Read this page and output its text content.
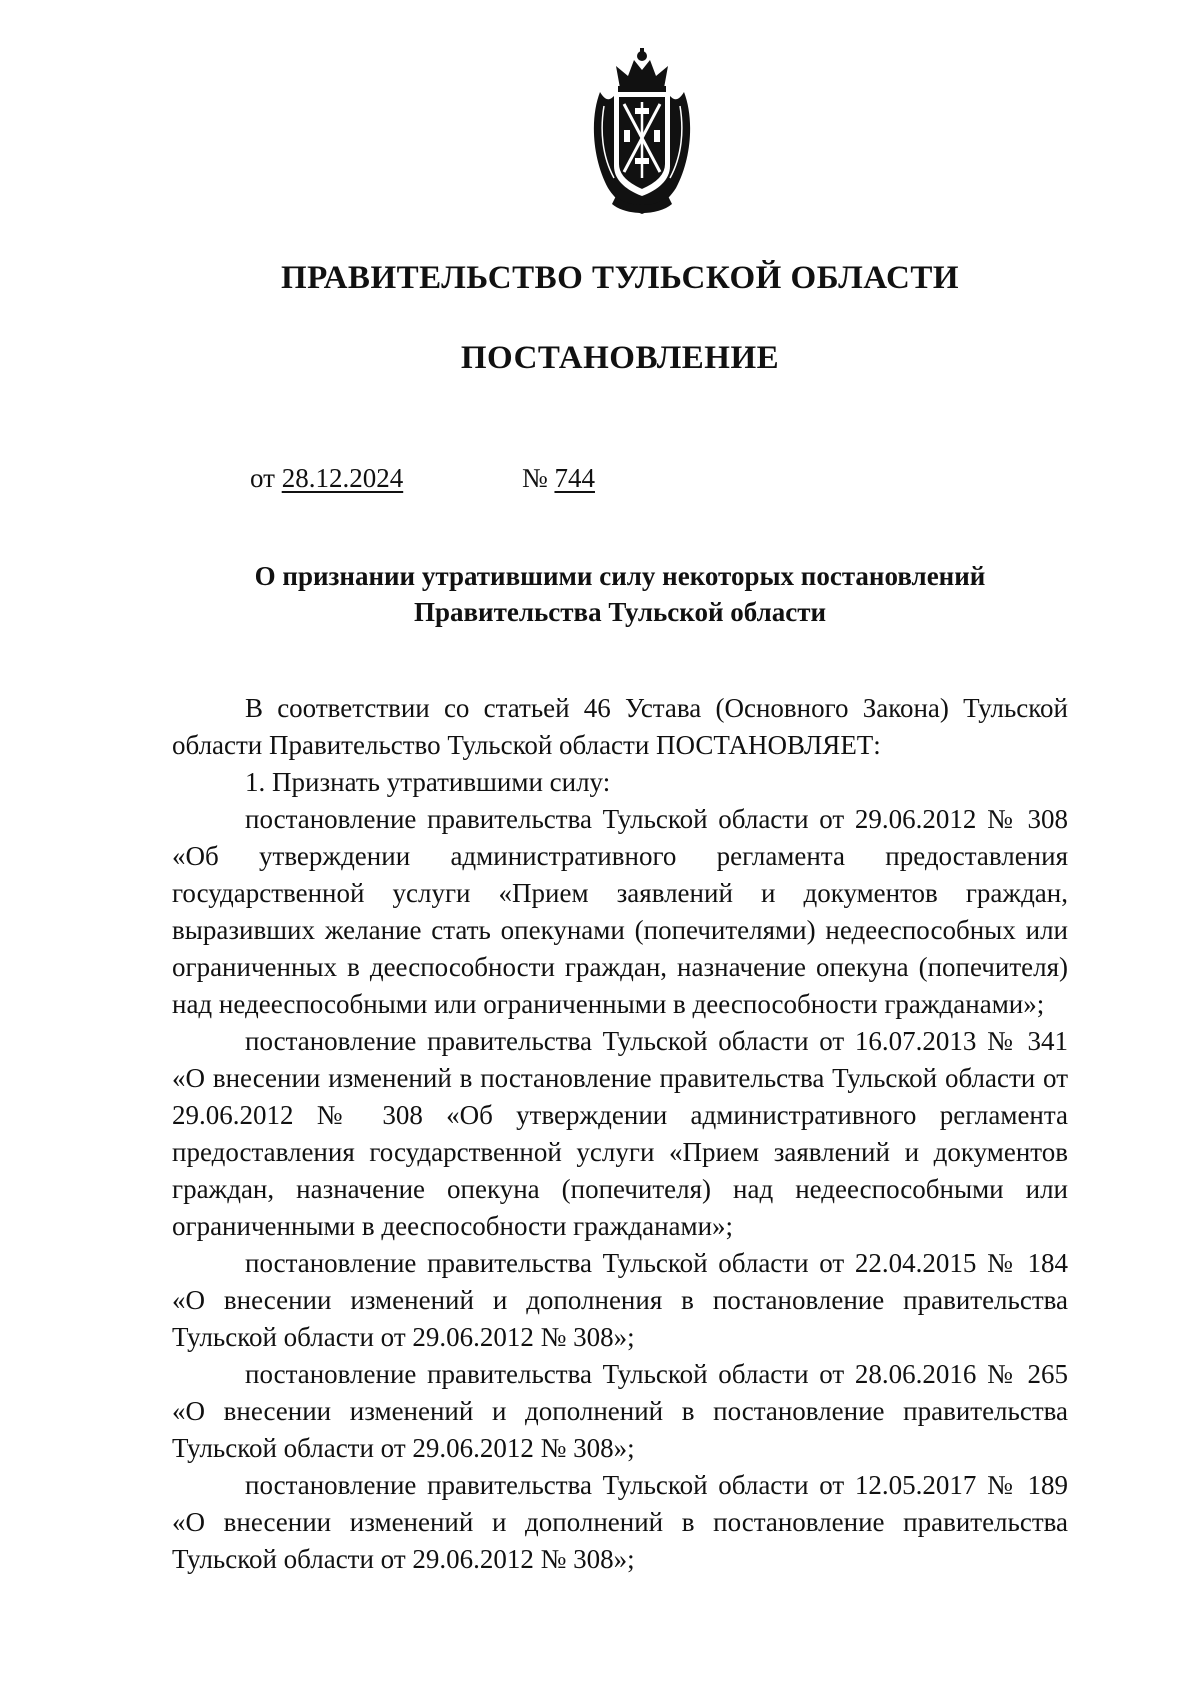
ПРАВИТЕЛЬСТВО ТУЛЬСКОЙ ОБЛАСТИ
ПОСТАНОВЛЕНИЕ
от 28.12.2024	№ 744
О признании утратившими силу некоторых постановлений
Правительства Тульской области

В соответствии со статьей 46 Устава (Основного Закона) Тульской области Правительство Тульской области ПОСТАНОВЛЯЕТ:

1. Признать утратившими силу:

постановление правительства Тульской области от 29.06.2012 № 308 «Об утверждении административного регламента предоставления государственной услуги «Прием заявлений и документов граждан, выразивших желание стать опекунами (попечителями) недееспособных или ограниченных в дееспособности граждан, назначение опекуна (попечителя) над недееспособными или ограниченными в дееспособности гражданами»;

постановление правительства Тульской области от 16.07.2013 № 341 «О внесении изменений в постановление правительства Тульской области от 29.06.2012 № 308 «Об утверждении административного регламента предоставления государственной услуги «Прием заявлений и документов граждан, назначение опекуна (попечителя) над недееспособными или ограниченными в дееспособности гражданами»;

постановление правительства Тульской области от 22.04.2015 № 184 «О внесении изменений и дополнения в постановление правительства Тульской области от 29.06.2012 № 308»;

постановление правительства Тульской области от 28.06.2016 № 265 «О внесении изменений и дополнений в постановление правительства Тульской области от 29.06.2012 № 308»;

постановление правительства Тульской области от 12.05.2017 № 189 «О внесении изменений и дополнений в постановление правительства Тульской области от 29.06.2012 № 308»;
